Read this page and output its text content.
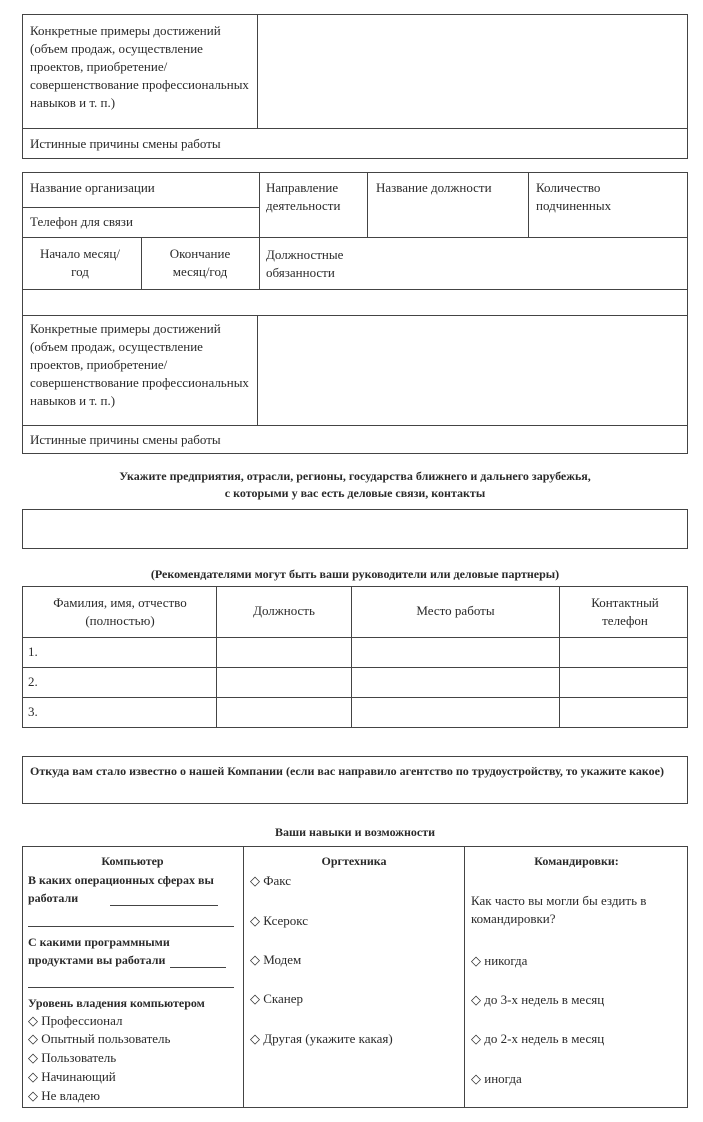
Конкретные примеры достижений (объем продаж, осуществление проектов, приобретение/совершенствование профессиональных навыков и т. п.)
Истинные причины смены работы
Название организации
Телефон для связи
Направление деятельности
Название должности	Количество подчиненных
Начало месяц/год
Окончание месяц/год
Должностные обязанности
Конкретные примеры достижений (объем продаж, осуществление проектов, приобретение/совершенствование профессиональных навыков и т. п.)
Истинные причины смены работы
Укажите предприятия, отрасли, регионы, государства ближнего и дальнего зарубежья,
с которыми у вас есть деловые связи, контакты
(Рекомендателями могут быть ваши руководители или деловые партнеры)
Фамилия, имя, отчество (полностью)
Должность	Место работы
Контактный телефон
1.
2.
3.
Откуда вам стало известно о нашей Компании (если вас направило агентство по трудоустройству, то укажите какое)
Ваши навыки и возможности
Компьютер
В каких операционных сферах вы работали
С какими программными продуктами вы работали
Уровень владения компьютером
◇ Профессионал
◇ Опытный пользователь
◇ Пользователь
◇ Начинающий
◇ Не владею
Оргтехника
◇ Факс
◇ Ксерокс
◇ Модем
◇ Сканер
◇ Другая (укажите какая)
Командировки:
Как часто вы могли бы ездить в командировки?
◇ никогда
◇ до 3-х недель в месяц
◇ до 2-х недель в месяц
◇ иногда
